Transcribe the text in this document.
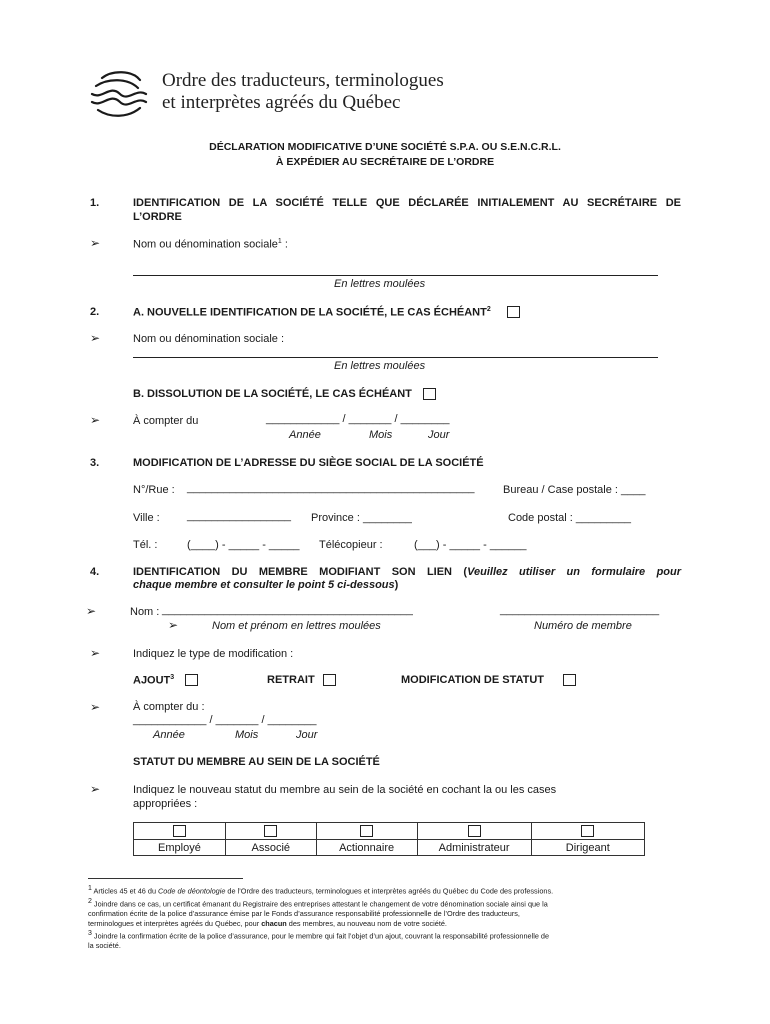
Ordre des traducteurs, terminologues
et interprètes agréés du Québec
DÉCLARATION MODIFICATIVE D’UNE SOCIÉTÉ S.P.A. OU S.E.N.C.R.L.
À EXPÉDIER AU SECRÉTAIRE DE L’ORDRE
1.	IDENTIFICATION DE LA SOCIÉTÉ TELLE QUE DÉCLARÉE INITIALEMENT AU SECRÉTAIRE DE
L’ORDRE
➢	Nom ou dénomination sociale$^1$ :
En lettres moulées
2.	A. NOUVELLE IDENTIFICATION DE LA SOCIÉTÉ, LE CAS ÉCHÉANT$^2$
➢	Nom ou dénomination sociale :
En lettres moulées
B. DISSOLUTION DE LA SOCIÉTÉ, LE CAS ÉCHÉANT
➢	À compter du	____________ / _______ / ________
Année	Mois	Jour
3.	MODIFICATION DE L’ADRESSE DU SIÈGE SOCIAL DE LA SOCIÉTÉ
N°/Rue : _______________________________________________	Bureau / Case postale : ____
Ville : _________________ Province : ________	Code postal : _________
Tél. :	(____) - _____ - _____ Télécopieur :	(___) - _____ - ______
4.	IDENTIFICATION DU MEMBRE MODIFIANT SON LIEN (Veuillez utiliser un formulaire pour
chaque membre et consulter le point 5 ci-dessous)
➢	Nom : _________________________________________	__________________________
➢	Nom et prénom en lettres moulées	Numéro de membre
➢	Indiquez le type de modification :
AJOUT$^3$	RETRAIT	MODIFICATION DE STATUT
➢	À compter du :
____________ / _______ / ________
Année	Mois	Jour
STATUT DU MEMBRE AU SEIN DE LA SOCIÉTÉ
➢	Indiquez le nouveau statut du membre au sein de la société en cochant la ou les cases
appropriées :

Employé	Associé	Actionnaire	Administrateur	Dirigeant
$^1$ Articles 45 et 46 du Code de déontologie de l’Ordre des traducteurs, terminologues et interprètes agréés du Québec du Code des professions.
$^2$ Joindre dans ce cas, un certificat émanant du Registraire des entreprises attestant le changement de votre dénomination sociale ainsi que la
confirmation écrite de la police d’assurance émise par le Fonds d’assurance responsabilité professionnelle de l’Ordre des traducteurs,
terminologues et interprètes agréés du Québec, pour chacun des membres, au nouveau nom de votre société.
$^3$ Joindre la confirmation écrite de la police d’assurance, pour le membre qui fait l’objet d’un ajout, couvrant la responsabilité professionnelle de
la société.
